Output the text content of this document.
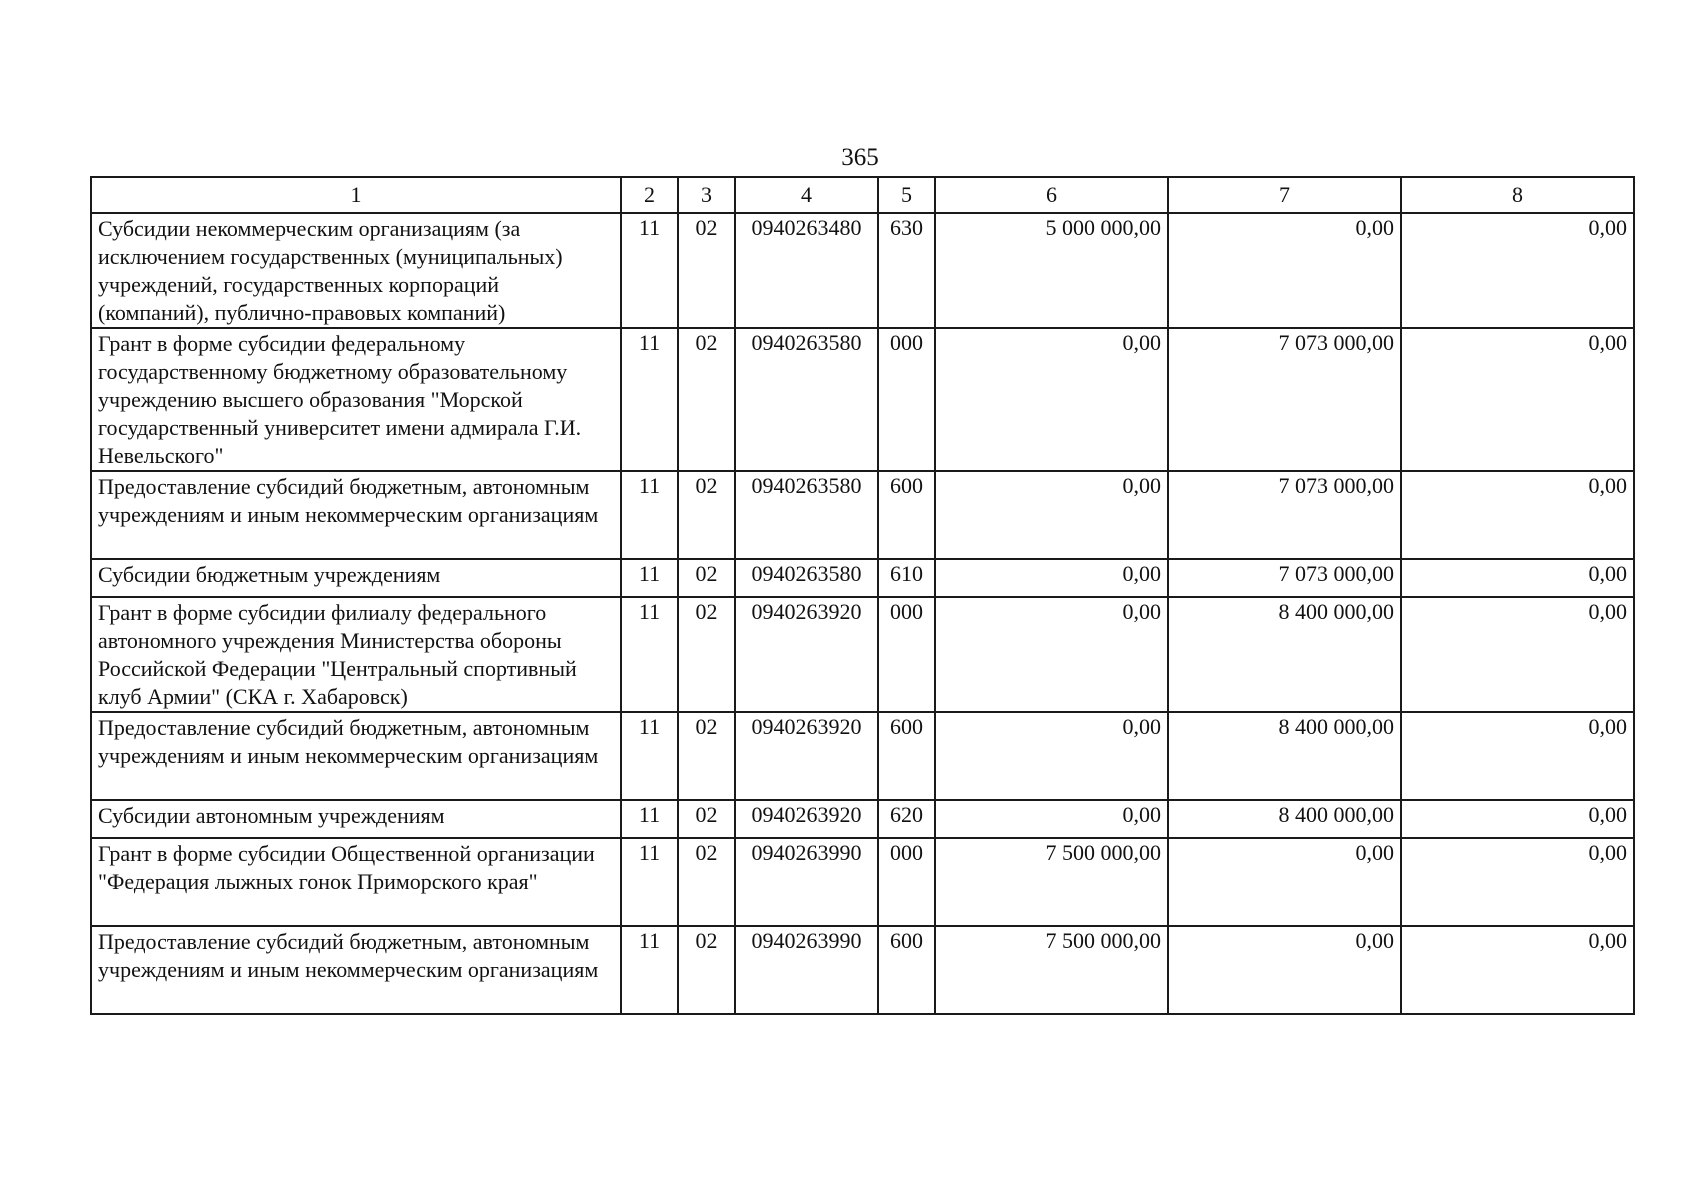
365
1	2	3	4	5	6	7	8

Субсидии некоммерческим организациям (за исключением государственных (муниципальных) учреждений, государственных корпораций (компаний), публично-правовых компаний)	11	02	0940263480	630	5 000 000,00	0,00	0,00

Грант в форме субсидии федеральному государственному бюджетному образовательному учреждению высшего образования "Морской государственный университет имени адмирала Г.И. Невельского"	11	02	0940263580	000	0,00	7 073 000,00	0,00

Предоставление субсидий бюджетным, автономным учреждениям и иным некоммерческим организациям	11	02	0940263580	600	0,00	7 073 000,00	0,00

Субсидии бюджетным учреждениям	11	02	0940263580	610	0,00	7 073 000,00	0,00

Грант в форме субсидии филиалу федерального автономного учреждения Министерства обороны Российской Федерации "Центральный спортивный клуб Армии" (СКА г. Хабаровск)	11	02	0940263920	000	0,00	8 400 000,00	0,00

Предоставление субсидий бюджетным, автономным учреждениям и иным некоммерческим организациям	11	02	0940263920	600	0,00	8 400 000,00	0,00

Субсидии автономным учреждениям	11	02	0940263920	620	0,00	8 400 000,00	0,00

Грант в форме субсидии Общественной организации "Федерация лыжных гонок Приморского края"	11	02	0940263990	000	7 500 000,00	0,00	0,00

Предоставление субсидий бюджетным, автономным учреждениям и иным некоммерческим организациям	11	02	0940263990	600	7 500 000,00	0,00	0,00
